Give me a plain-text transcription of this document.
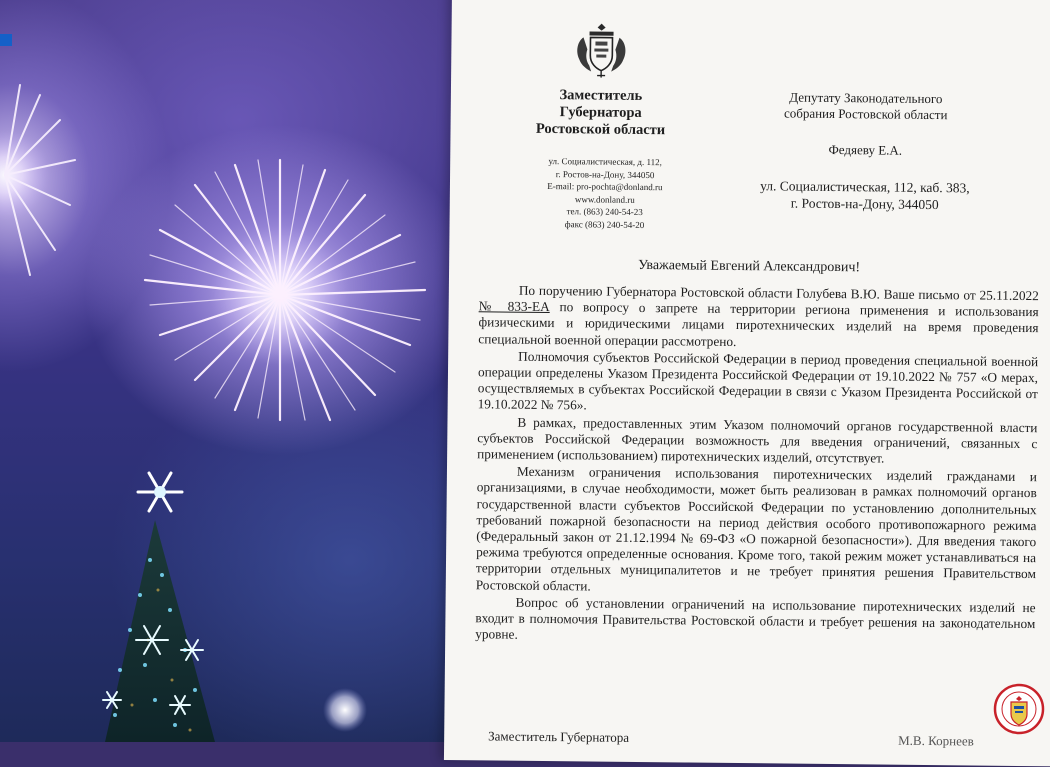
Заместитель
Губернатора
Ростовской области
ул. Социалистическая, д. 112,
г. Ростов-на-Дону, 344050
E-mail: pro-pochta@donland.ru
www.donland.ru
тел. (863) 240-54-23
факс (863) 240-54-20
Депутату Законодательного
собрания Ростовской области
Федяеву Е.А.
ул. Социалистическая, 112, каб. 383,
г. Ростов-на-Дону, 344050
Уважаемый Евгений Александрович!

По поручению Губернатора Ростовской области Голубева В.Ю. Ваше письмо от 25.11.2022 № 833-ЕА по вопросу о запрете на территории региона применения и использования физическими и юридическими лицами пиротехнических изделий на время проведения специальной военной операции рассмотрено.

Полномочия субъектов Российской Федерации в период проведения специальной военной операции определены Указом Президента Российской Федерации от 19.10.2022 № 757 «О мерах, осуществляемых в субъектах Российской Федерации в связи с Указом Президента Российской от 19.10.2022 № 756».

В рамках, предоставленных этим Указом полномочий органов государственной власти субъектов Российской Федерации возможность для введения ограничений, связанных с применением (использованием) пиротехнических изделий, отсутствует.

Механизм ограничения использования пиротехнических изделий гражданами и организациями, в случае необходимости, может быть реализован в рамках полномочий органов государственной власти субъектов Российской Федерации по установлению дополнительных требований пожарной безопасности на период действия особого противопожарного режима (Федеральный закон от 21.12.1994 № 69-ФЗ «О пожарной безопасности»). Для введения такого режима требуются определенные основания. Кроме того, такой режим может устанавливаться на территории отдельных муниципалитетов и не требует принятия решения Правительством Ростовской области.

Вопрос об установлении ограничений на использование пиротехнических изделий не входит в полномочия Правительства Ростовской области и требует решения на законодательном уровне.

Заместитель Губернатора	М.В. Корнеев
